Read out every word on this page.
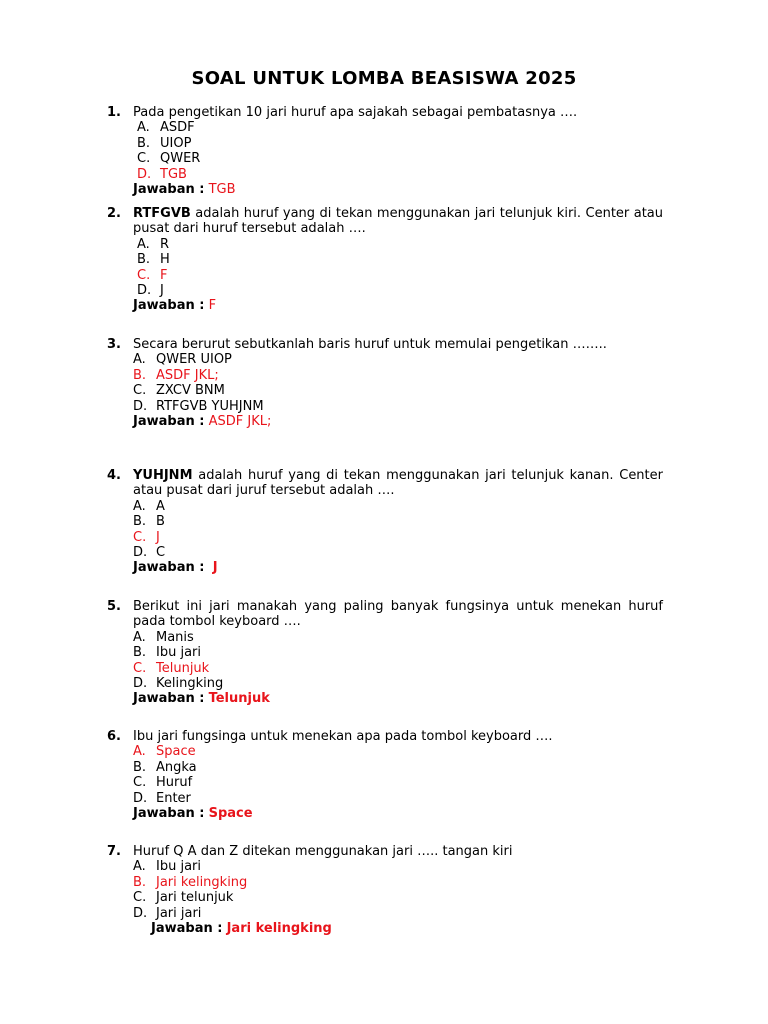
SOAL UNTUK LOMBA BEASISWA 2025
1. Pada pengetikan 10 jari huruf apa sajakah sebagai pembatasnya ….
A. ASDF
B. UIOP
C. QWER
D. TGB
Jawaban : TGB
2. RTFGVB adalah huruf yang di tekan menggunakan jari telunjuk kiri. Center atau pusat dari huruf tersebut adalah ….
A. R
B. H
C. F
D. J
Jawaban : F
3. Secara berurut sebutkanlah baris huruf untuk memulai pengetikan ……..
A. QWER UIOP
B. ASDF JKL;
C. ZXCV BNM
D. RTFGVB YUHJNM
Jawaban : ASDF JKL;
4. YUHJNM adalah huruf yang di tekan menggunakan jari telunjuk kanan. Center atau pusat dari juruf tersebut adalah ….
A. A
B. B
C. J
D. C
Jawaban : J
5. Berikut ini jari manakah yang paling banyak fungsinya untuk menekan huruf pada tombol keyboard ….
A. Manis
B. Ibu jari
C. Telunjuk
D. Kelingking
Jawaban : Telunjuk
6. Ibu jari fungsinga untuk menekan apa pada tombol keyboard ….
A. Space
B. Angka
C. Huruf
D. Enter
Jawaban : Space
7. Huruf Q A dan Z ditekan menggunakan jari ….. tangan kiri
A. Ibu jari
B. Jari kelingking
C. Jari telunjuk
D. Jari jari
Jawaban : Jari kelingking
